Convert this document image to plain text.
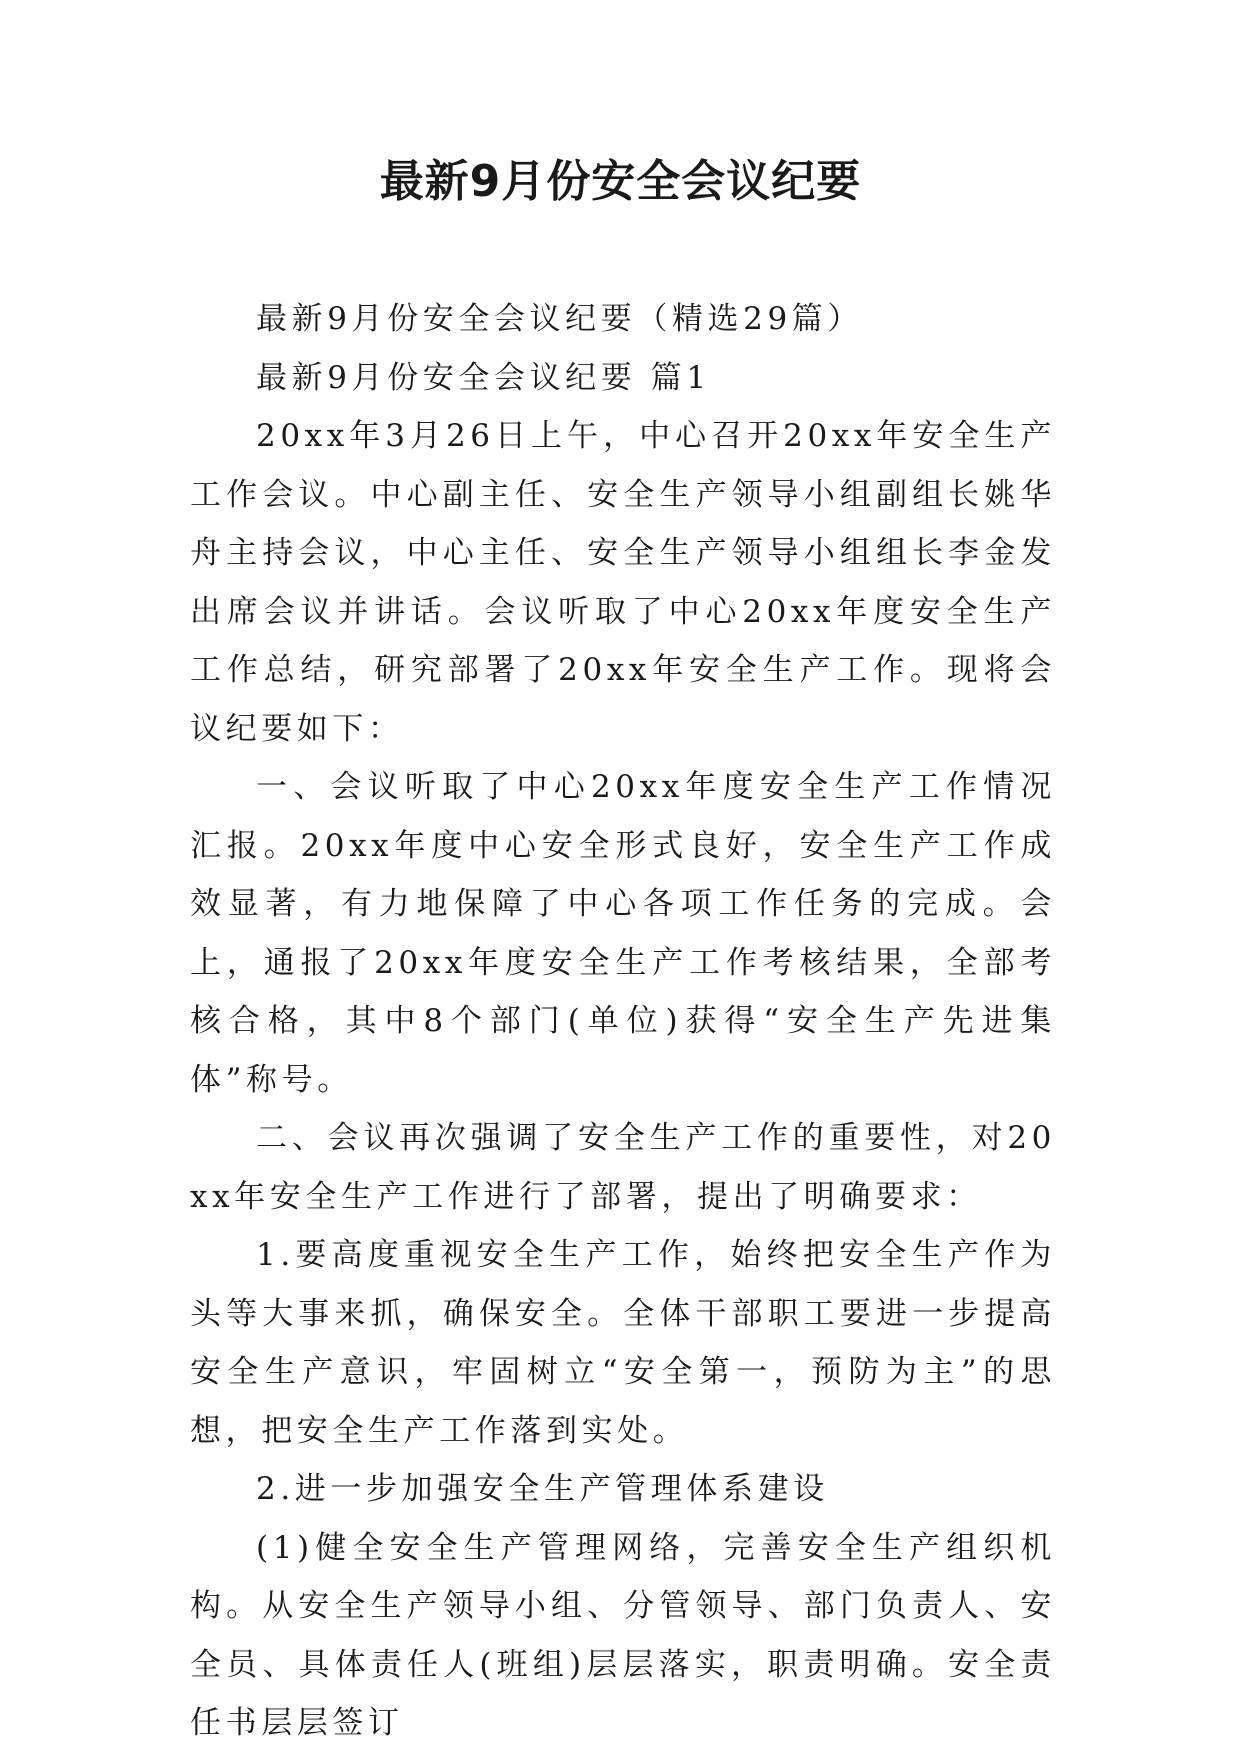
最新9月份安全会议纪要

最新9月份安全会议纪要（精选29篇）

最新9月份安全会议纪要 篇1

20xx年3月26日上午，中心召开20xx年安全生产工作会议。中心副主任、安全生产领导小组副组长姚华舟主持会议，中心主任、安全生产领导小组组长李金发出席会议并讲话。会议听取了中心20xx年度安全生产工作总结，研究部署了20xx年安全生产工作。现将会议纪要如下：

一、会议听取了中心20xx年度安全生产工作情况汇报。20xx年度中心安全形式良好，安全生产工作成效显著，有力地保障了中心各项工作任务的完成。会上，通报了20xx年度安全生产工作考核结果，全部考核合格，其中8个部门(单位)获得“安全生产先进集体”称号。

二、会议再次强调了安全生产工作的重要性，对20xx年安全生产工作进行了部署，提出了明确要求：

1.要高度重视安全生产工作，始终把安全生产作为头等大事来抓，确保安全。全体干部职工要进一步提高安全生产意识，牢固树立“安全第一，预防为主”的思想，把安全生产工作落到实处。

2.进一步加强安全生产管理体系建设

(1)健全安全生产管理网络，完善安全生产组织机构。从安全生产领导小组、分管领导、部门负责人、安全员、具体责任人(班组)层层落实，职责明确。安全责任书层层签订
